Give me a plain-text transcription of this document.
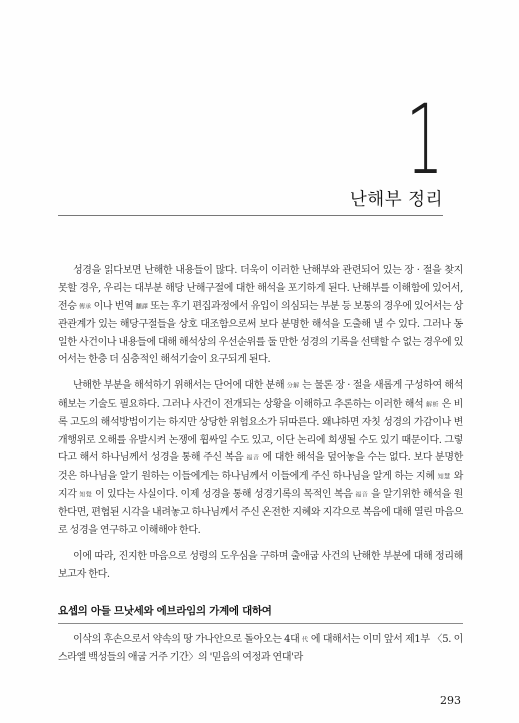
1
난해부 정리

성경을 읽다보면 난해한 내용들이 많다. 더욱이 이러한 난해부와 관련되어 있는 장 · 절을 찾지 못할 경우, 우리는 대부분 해당 난해구절에 대한 해석을 포기하게 된다. 난해부를 이해함에 있어서, 전승 傳承 이나 번역 飜譯 또는 후기 편집과정에서 유입이 의심되는 부분 등 보통의 경우에 있어서는 상관관계가 있는 해당구절들을 상호 대조함으로써 보다 분명한 해석을 도출해 낼 수 있다. 그러나 동일한 사건이나 내용들에 대해 해석상의 우선순위를 둘 만한 성경의 기록을 선택할 수 없는 경우에 있어서는 한층 더 심층적인 해석기술이 요구되게 된다.

난해한 부분을 해석하기 위해서는 단어에 대한 분해 分解 는 물론 장 · 절을 새롭게 구성하여 해석해보는 기술도 필요하다. 그러나 사건이 전개되는 상황을 이해하고 추론하는 이러한 해석 解析 은 비록 고도의 해석방법이기는 하지만 상당한 위험요소가 뒤따른다. 왜냐하면 자칫 성경의 가감이나 변개행위로 오해를 유발시켜 논쟁에 휩싸일 수도 있고, 이단 논리에 희생될 수도 있기 때문이다. 그렇다고 해서 하나님께서 성경을 통해 주신 복음 福音 에 대한 해석을 덮어놓을 수는 없다. 보다 분명한 것은 하나님을 알기 원하는 이들에게는 하나님께서 이들에게 주신 하나님을 알게 하는 지혜 知慧 와 지각 知覺 이 있다는 사실이다. 이제 성경을 통해 성경기록의 목적인 복음 福音 을 알기위한 해석을 원한다면, 편협된 시각을 내려놓고 하나님께서 주신 온전한 지혜와 지각으로 복음에 대해 열린 마음으로 성경을 연구하고 이해해야 한다.

이에 따라, 진지한 마음으로 성령의 도우심을 구하며 출애굽 사건의 난해한 부분에 대해 정리해 보고자 한다.

요셉의 아들 므낫세와 에브라임의 가계에 대하여

이삭의 후손으로서 약속의 땅 가나안으로 돌아오는 4대 代 에 대해서는 이미 앞서 제1부 〈5. 이스라엘 백성들의 애굽 거주 기간〉의 '믿음의 여정과 연대'라

293
